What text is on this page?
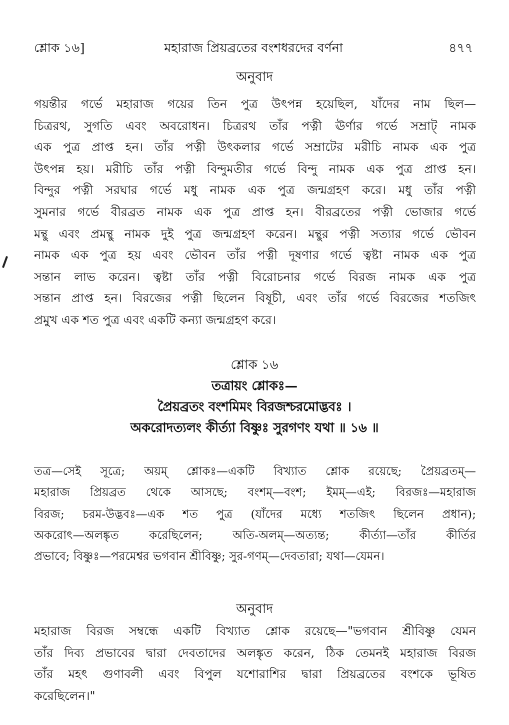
শ্লোক ১৬]	মহারাজ প্রিয়ব্রতের বংশধরদের বর্ণনা	৪৭৭
অনুবাদ
গয়ন্তীর গর্ভে মহারাজ গয়ের তিন পুত্র উৎপন্ন হয়েছিল, যাঁদের নাম ছিল—
চিত্ররথ, সুগতি এবং অবরোধন। চিত্ররথ তাঁর পত্নী ঊর্ণার গর্ভে সম্রাট্ নামক
এক পুত্র প্রাপ্ত হন। তাঁর পত্নী উৎকলার গর্ভে সম্রাটের মরীচি নামক এক পুত্র
উৎপন্ন হয়। মরীচি তাঁর পত্নী বিন্দুমতীর গর্ভে বিন্দু নামক এক পুত্র প্রাপ্ত হন।
বিন্দুর পত্নী সরঘার গর্ভে মধু নামক এক পুত্র জন্মগ্রহণ করে। মধু তাঁর পত্নী
সুমনার গর্ভে বীরব্রত নামক এক পুত্র প্রাপ্ত হন। বীরব্রতের পত্নী ভোজার গর্ভে
মন্থু এবং প্রমন্থু নামক দুই পুত্র জন্মগ্রহণ করেন। মন্থুর পত্নী সত্যার গর্ভে ভৌবন
নামক এক পুত্র হয় এবং ভৌবন তাঁর পত্নী দূষণার গর্ভে ত্বষ্টা নামক এক পুত্র
সন্তান লাভ করেন। ত্বষ্টা তাঁর পত্নী বিরোচনার গর্ভে বিরজ নামক এক পুত্র
সন্তান প্রাপ্ত হন। বিরজের পত্নী ছিলেন বিষূচী, এবং তাঁর গর্ভে বিরজের শতজিৎ
প্রমুখ এক শত পুত্র এবং একটি কন্যা জন্মগ্রহণ করে।
শ্লোক ১৬
তত্রায়ং শ্লোকঃ—
প্রৈয়ব্রতং বংশমিমং বিরজশ্চরমোদ্ভবঃ ।
অকরোদত্যলং কীর্ত্যা বিষ্ণুঃ সুরগণং যথা ॥ ১৬ ॥
তত্র—সেই সূত্রে; অয়ম্ শ্লোকঃ—একটি বিখ্যাত শ্লোক রয়েছে; প্রৈয়ব্রতম্—
মহারাজ প্রিয়ব্রত থেকে আসছে; বংশম্—বংশ; ইমম্—এই; বিরজঃ—মহারাজ
বিরজ; চরম-উদ্ভবঃ—এক শত পুত্র (যাঁদের মধ্যে শতজিৎ ছিলেন প্রধান);
অকরোৎ—অলঙ্কৃত করেছিলেন; অতি-অলম্—অত্যন্ত; কীর্ত্যা—তাঁর কীর্তির
প্রভাবে; বিষ্ণুঃ—পরমেশ্বর ভগবান শ্রীবিষ্ণু; সুর-গণম্—দেবতারা; যথা—যেমন।
অনুবাদ
মহারাজ বিরজ সম্বন্ধে একটি বিখ্যাত শ্লোক রয়েছে—"ভগবান শ্রীবিষ্ণু যেমন
তাঁর দিব্য প্রভাবের দ্বারা দেবতাদের অলঙ্কৃত করেন, ঠিক তেমনই মহারাজ বিরজ
তাঁর মহৎ গুণাবলী এবং বিপুল যশোরাশির দ্বারা প্রিয়ব্রতের বংশকে ভূষিত
করেছিলেন।"
